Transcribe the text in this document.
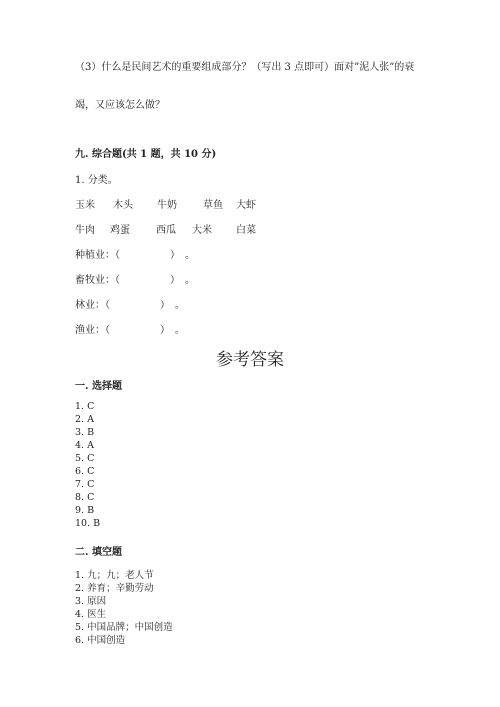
（3）什么是民间艺术的重要组成部分？（写出 3 点即可）面对”泥人张”的衰
竭，又应该怎么做？
九. 综合题(共 1 题，共 10 分)
1. 分类。
玉米 木头 牛奶	草鱼 大虾
牛肉 鸡蛋	西瓜 大米 白菜
种植业：（　　　　　）　。
畜牧业：（　　　　　）　。
林业：（　　　　　）　。
渔业：（　　　　　）　。
参考答案
一. 选择题
1. C
2. A
3. B
4. A
5. C
6. C
7. C
8. C
9. B
10. B
二. 填空题
1. 九；九；老人节
2. 养育；辛勤劳动
3. 原因
4. 医生
5. 中国品牌；中国创造
6. 中国创造
